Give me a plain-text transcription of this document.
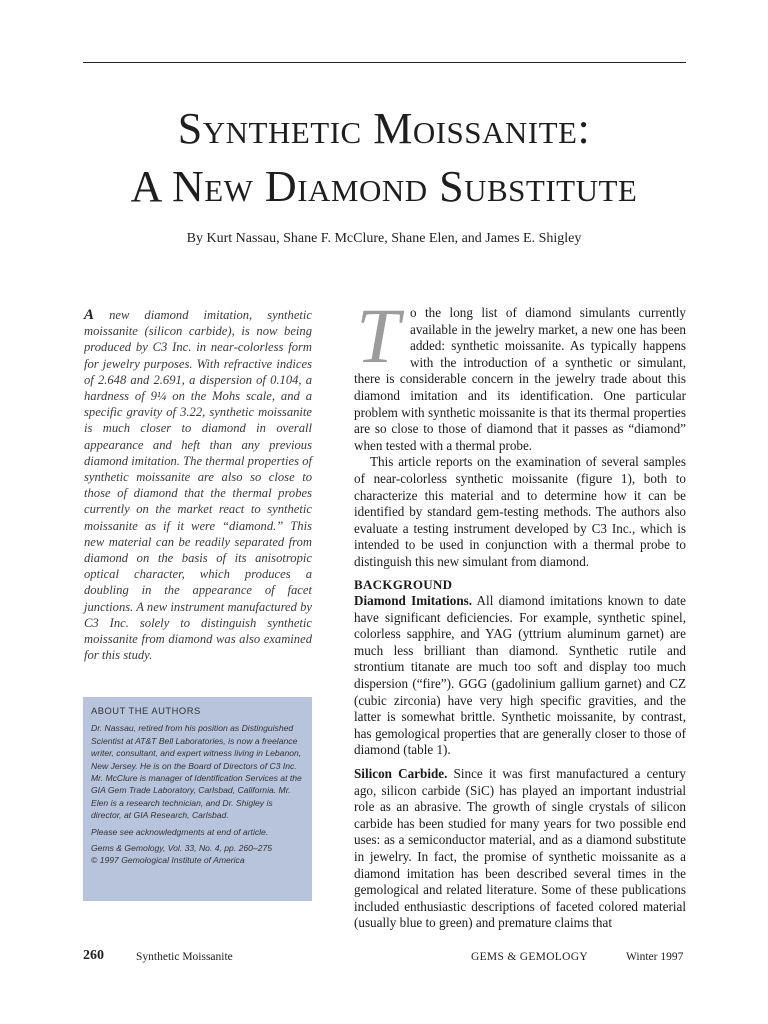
Synthetic Moissanite:
A New Diamond Substitute
By Kurt Nassau, Shane F. McClure, Shane Elen, and James E. Shigley
A new diamond imitation, synthetic moissanite (silicon carbide), is now being produced by C3 Inc. in near-colorless form for jewelry purposes. With refractive indices of 2.648 and 2.691, a dispersion of 0.104, a hardness of 9¼ on the Mohs scale, and a specific gravity of 3.22, synthetic moissanite is much closer to diamond in overall appearance and heft than any previous diamond imitation. The thermal properties of synthetic moissanite are also so close to those of diamond that the thermal probes currently on the market react to synthetic moissanite as if it were “diamond.” This new material can be readily separated from diamond on the basis of its anisotropic optical character, which produces a doubling in the appearance of facet junctions. A new instrument manufactured by C3 Inc. solely to distinguish synthetic moissanite from diamond was also examined for this study.
ABOUT THE AUTHORS

Dr. Nassau, retired from his position as Distinguished Scientist at AT&T Bell Laboratories, is now a freelance writer, consultant, and expert witness living in Lebanon, New Jersey. He is on the Board of Directors of C3 Inc. Mr. McClure is manager of Identification Services at the GIA Gem Trade Laboratory, Carlsbad, California. Mr. Elen is a research technician, and Dr. Shigley is director, at GIA Research, Carlsbad.

Please see acknowledgments at end of article.

Gems & Gemology, Vol. 33, No. 4, pp. 260–275

© 1997 Gemological Institute of America

To the long list of diamond simulants currently available in the jewelry market, a new one has been added: synthetic moissanite. As typically happens with the introduction of a synthetic or simulant, there is considerable concern in the jewelry trade about this diamond imitation and its identification. One particular problem with synthetic moissanite is that its thermal properties are so close to those of diamond that it passes as “diamond” when tested with a thermal probe.

This article reports on the examination of several samples of near-colorless synthetic moissanite (figure 1), both to characterize this material and to determine how it can be identified by standard gem-testing methods. The authors also evaluate a testing instrument developed by C3 Inc., which is intended to be used in conjunction with a thermal probe to distinguish this new simulant from diamond.

BACKGROUND

Diamond Imitations. All diamond imitations known to date have significant deficiencies. For example, synthetic spinel, colorless sapphire, and YAG (yttrium aluminum garnet) are much less brilliant than diamond. Synthetic rutile and strontium titanate are much too soft and display too much dispersion (“fire”). GGG (gadolinium gallium garnet) and CZ (cubic zirconia) have very high specific gravities, and the latter is somewhat brittle. Synthetic moissanite, by contrast, has gemological properties that are generally closer to those of diamond (table 1).

Silicon Carbide. Since it was first manufactured a century ago, silicon carbide (SiC) has played an important industrial role as an abrasive. The growth of single crystals of silicon carbide has been studied for many years for two possible end uses: as a semiconductor material, and as a diamond substitute in jewelry. In fact, the promise of synthetic moissanite as a diamond imitation has been described several times in the gemological and related literature. Some of these publications included enthusiastic descriptions of faceted colored material (usually blue to green) and premature claims that

260	Synthetic Moissanite	GEMS & GEMOLOGY	Winter 1997
